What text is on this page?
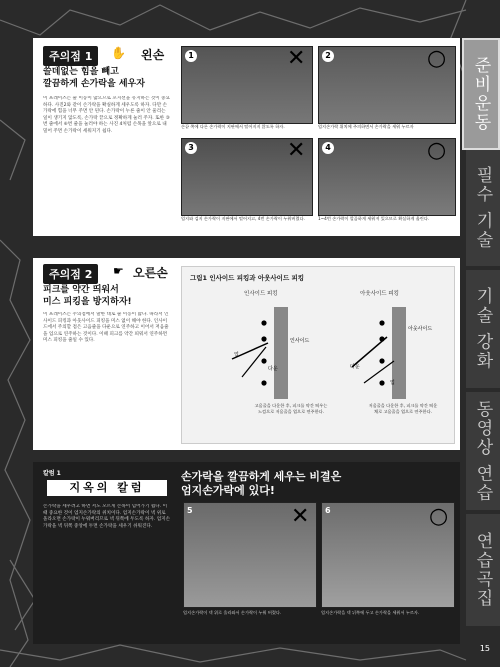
주의점 1	✋ 왼손
쓸데없는 힘을 빼고
깔끔하게 손가락을 세우자
이 프레이즈는 줄 이동이 많으므로 포지션을 유지하는 것이 중요하다. 사진2와 같이 손가락을 확실하게 세우도록 하자. 다만 손가락에 힘을 너무 주면 안 된다. 손가락이 누른 줄이 안 울리는 일이 생기지 않도록, 손가락 끝으로 정확하게 눌러 주자. 또한 ③번 줄에서 ⑥번 줄을 눌러야 하는 사진 4처럼 손목을 앞으로 내밀어 주면 손가락이 세워지기 쉽다.
1	✕
손끝 쪽에 다른 손가락이 지판에서 떨어지지 않도록 하자.
2	○
엄지손가락 위치에 주의하면서 손가락을 세워 누르자
3	✕
엄지와 검지 손가락이 지판에서 떨어지고, 4번 손가락이 누워버렸다.
4	○
1~4번 손가락이 깔끔하게 세워져 있으므로 확실하게 울린다.
주의점 2	☛ 오른손
피크를 약간 띄워서
미스 피킹을 방지하자!
이 프레이즈는 주의점에서 말한 대로 줄 이동이 많다. 따라서 인사이드 피킹과 아웃사이드 피킹을 미스 없이 해야 한다. 인사이드에서 주의할 점은 고음줄을 다운으로 연주하고 이어서 저음줄을 업으로 연주하는 것이다. 이때 피크를 약간 띄워서 연주하면 미스 피킹을 줄일 수 있다.
그림1 인사이드 피킹과 아웃사이드 피킹
인사이드 피킹	아웃사이드 피킹
업
다운
인사이드
아웃사이드
다운
업
고음줄을 다운한 후, 피크를 약간 띄우는 느낌으로 저음줄을 업으로 연주한다.
저음줄을 다운한 후, 피크를 약간 띄운 채로 고음줄을 업으로 연주한다.
칼럼 1
지옥의 칼럼
손가락을 세우려고 하면 저도 모르게 손목이 넘어가기 쉽다. 이때 중요한 것이 엄지손가락의 위치이다. 엄지손가락이 넥 위로 올라오면 손가락이 누워버리므로 넥 뒤쪽에 두도록 하자. 엄지손가락을 넥 뒤쪽 중앙에 두면 손가락을 세우기 쉬워진다.
손가락을 깔끔하게 세우는 비결은
엄지손가락에 있다!
5	✕
엄지손가락이 넥 위로 올라와서 손가락이 누워 버렸다.
6	○
엄지손가락을 넥 뒤쪽에 두고 손가락을 세워서 누르자.
준비운동
필수 기술
기술 강화
동영상 연습
연습곡집
15
